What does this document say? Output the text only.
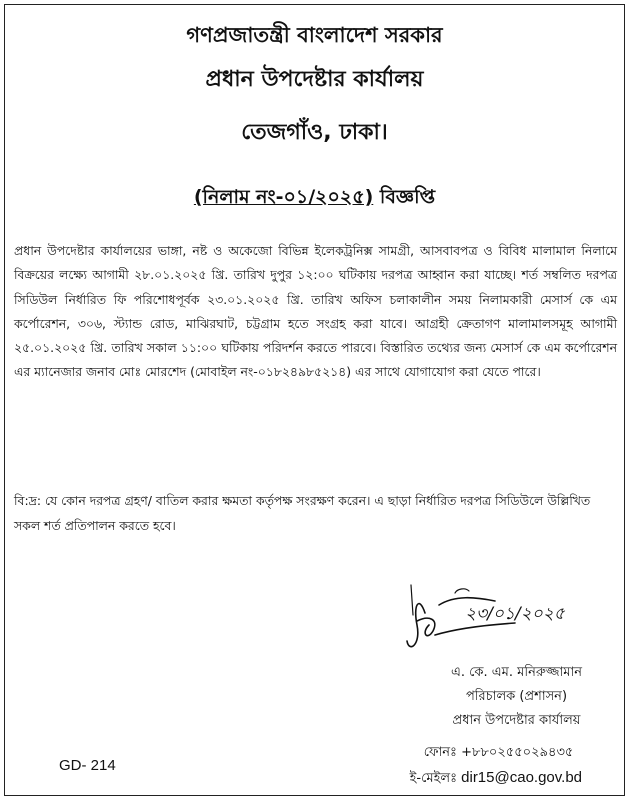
গণপ্রজাতন্ত্রী বাংলাদেশ সরকার
প্রধান উপদেষ্টার কার্যালয়
তেজগাঁও, ঢাকা।
(নিলাম নং-০১/২০২৫) বিজ্ঞপ্তি
প্রধান উপদেষ্টার কার্যালয়ের ভাঙ্গা, নষ্ট ও অকেজো বিভিন্ন ইলেকট্রনিক্স সামগ্রী, আসবাবপত্র ও বিবিধ মালামাল নিলামে বিক্রয়ের লক্ষ্যে আগামী ২৮.০১.২০২৫ খ্রি. তারিখ দুপুর ১২:০০ ঘটিকায় দরপত্র আহ্বান করা যাচ্ছে। শর্ত সম্বলিত দরপত্র সিডিউল নির্ধারিত ফি পরিশোধপূর্বক ২৩.০১.২০২৫ খ্রি. তারিখ অফিস চলাকালীন সময় নিলামকারী মেসার্স কে এম কর্পোরেশন, ৩০৬, স্ট্যান্ড রোড, মাঝিরঘাট, চট্টগ্রাম হতে সংগ্রহ করা যাবে। আগ্রহী ক্রেতাগণ মালামালসমূহ আগামী ২৫.০১.২০২৫ খ্রি. তারিখ সকাল ১১:০০ ঘটিকায় পরিদর্শন করতে পারবে। বিস্তারিত তথ্যের জন্য মেসার্স কে এম কর্পোরেশন এর ম্যানেজার জনাব মোঃ মোরশেদ (মোবাইল নং-০১৮২৪৯৮৫২১৪) এর সাথে যোগাযোগ করা যেতে পারে।
বি:দ্র: যে কোন দরপত্র গ্রহণ/ বাতিল করার ক্ষমতা কর্তৃপক্ষ সংরক্ষণ করেন। এ ছাড়া নির্ধারিত দরপত্র সিডিউলে উল্লিখিত সকল শর্ত প্রতিপালন করতে হবে।
২৩/০১/২০২৫
এ. কে. এম. মনিরুজ্জামান
পরিচালক (প্রশাসন)
প্রধান উপদেষ্টার কার্যালয়
ফোনঃ +৮৮০২৫৫০২৯৪৩৫
ই-মেইলঃ dir15@cao.gov.bd
GD- 214
